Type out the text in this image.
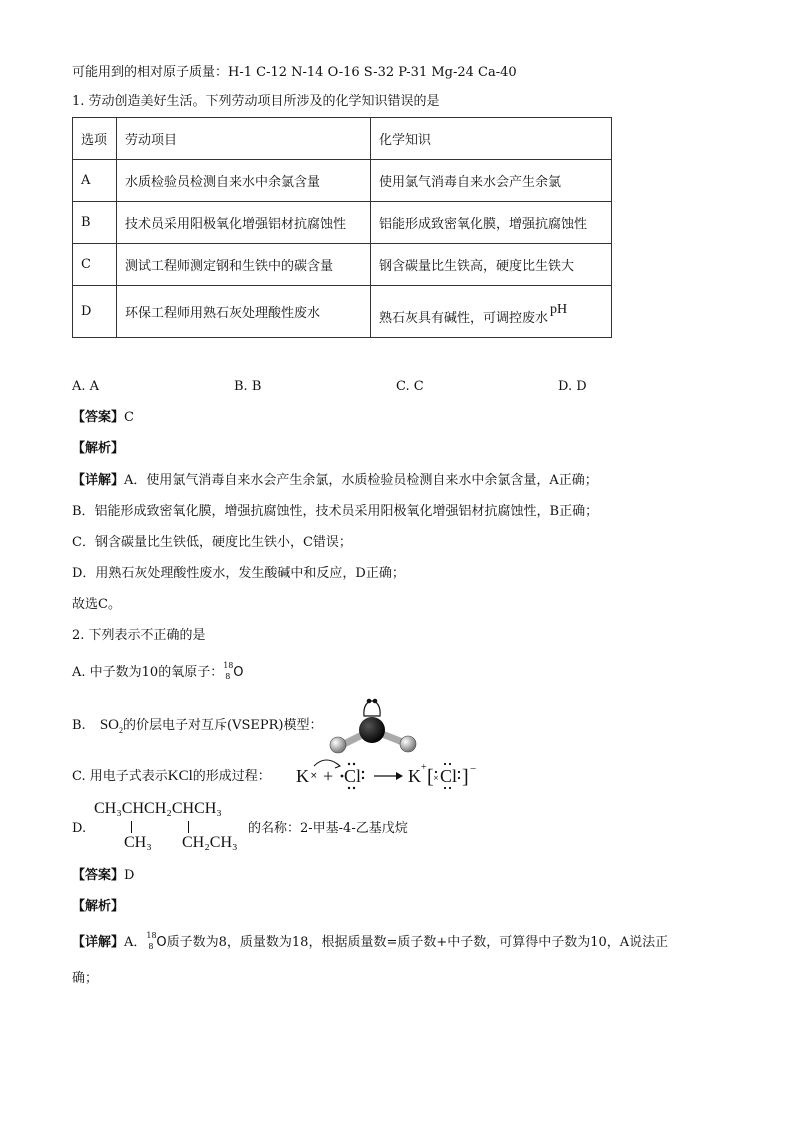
可能用到的相对原子质量：H-1 C-12 N-14 O-16 S-32 P-31 Mg-24 Ca-40
1. 劳动创造美好生活。下列劳动项目所涉及的化学知识错误的是
选项	劳动项目	化学知识
A	水质检验员检测自来水中余氯含量	使用氯气消毒自来水会产生余氯
B	技术员采用阳极氧化增强铝材抗腐蚀性	铝能形成致密氧化膜，增强抗腐蚀性
C	测试工程师测定钢和生铁中的碳含量	钢含碳量比生铁高，硬度比生铁大
D	环保工程师用熟石灰处理酸性废水	熟石灰具有碱性，可调控废水pH
A. A	B. B	C. C	D. D
【答案】C
【解析】
【详解】A．使用氯气消毒自来水会产生余氯，水质检验员检测自来水中余氯含量，A正确；
B．铝能形成致密氧化膜，增强抗腐蚀性，技术员采用阳极氧化增强铝材抗腐蚀性，B正确；
C．钢含碳量比生铁低，硬度比生铁小，C错误；
D．用熟石灰处理酸性废水，发生酸碱中和反应，D正确；
故选C。
2. 下列表示不正确的是
A. 中子数为10的氧原子： 18
8 O
B. $SO_2$的价层电子对互斥(VSEPR)模型：
C. 用电子式表示KCl的形成过程： K × + Cl	K + [ × Cl ] −
D.
CH₃CHCH₂CHCH₃
CH₃ CH₂CH₃
的名称：2-甲基-4-乙基戊烷
【答案】D
【解析】
【详解】A． 18
8 O质子数为8，质量数为18，根据质量数=质子数+中子数，可算得中子数为10，A说法正
确；
